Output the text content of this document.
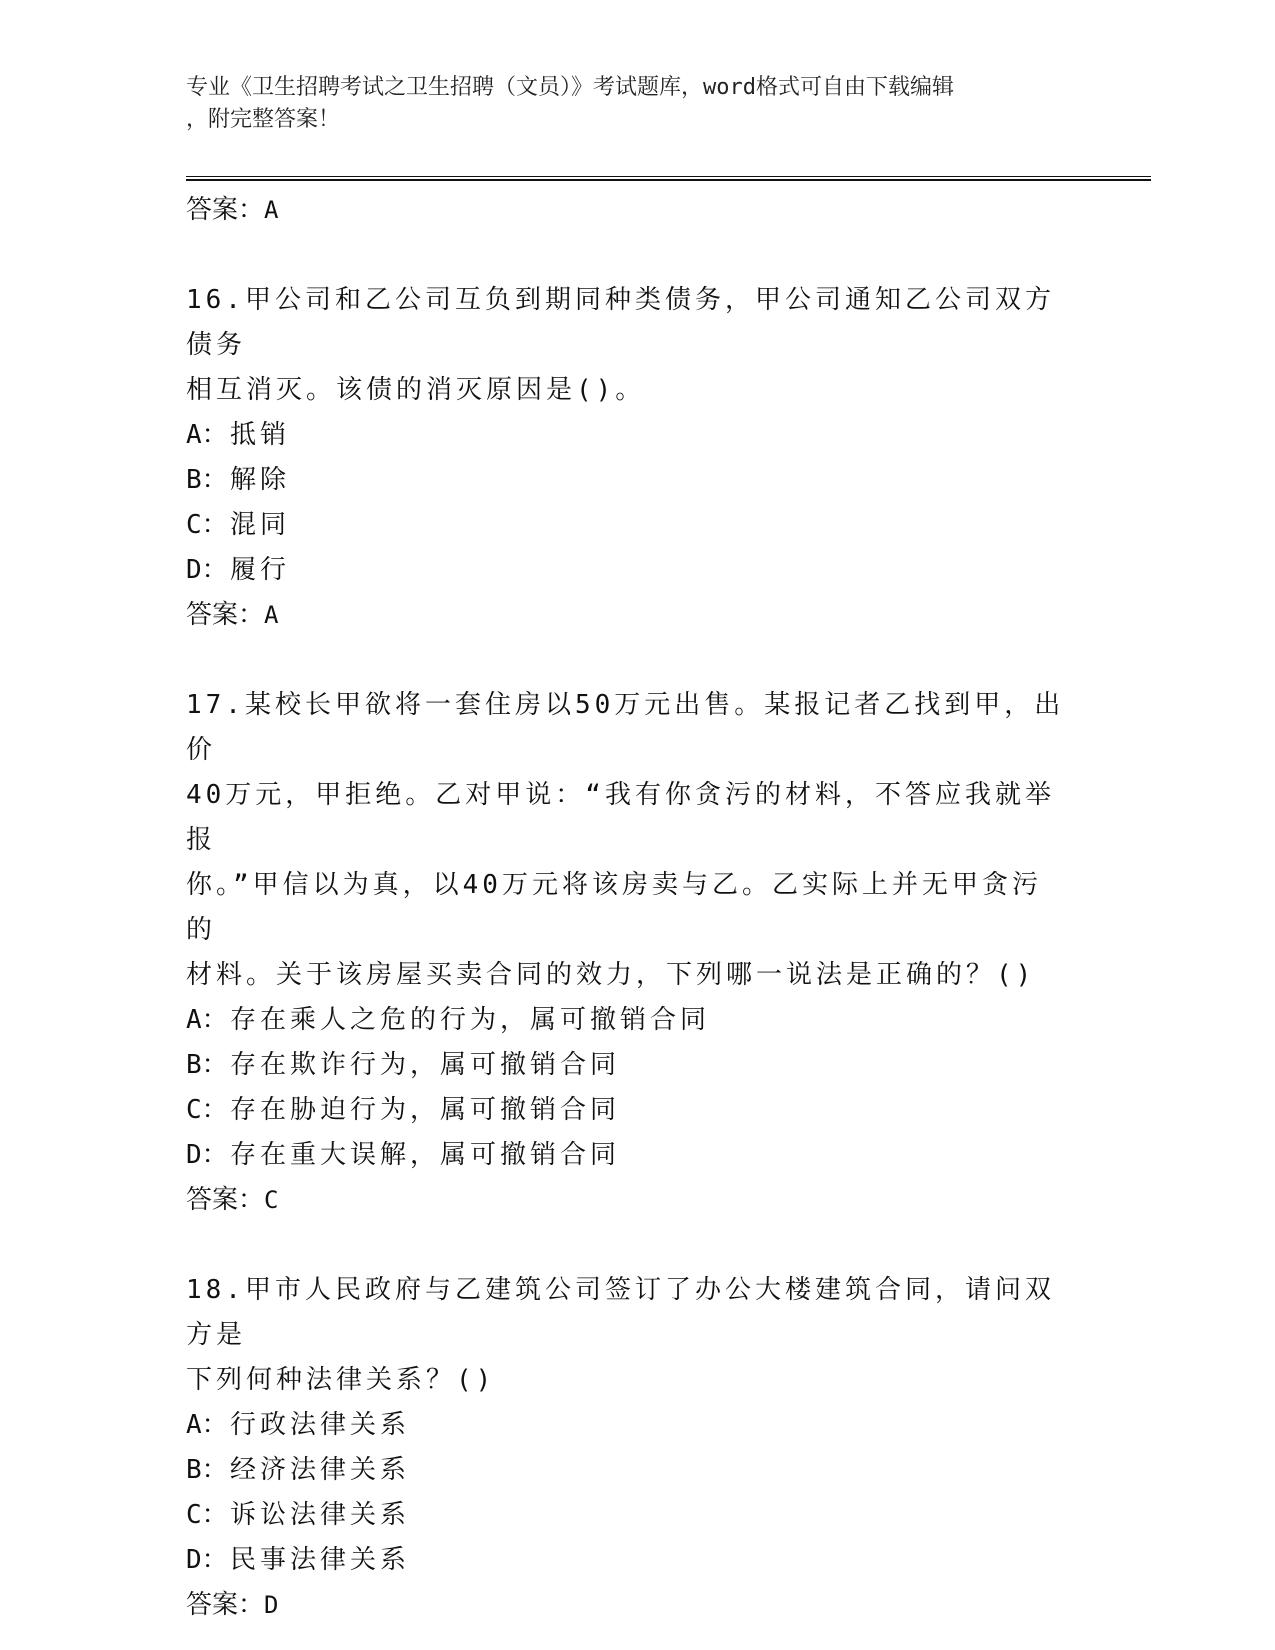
专业《卫生招聘考试之卫生招聘（文员）》考试题库，word格式可自由下载编辑
，附完整答案！
答案：A
16.甲公司和乙公司互负到期同种类债务，甲公司通知乙公司双方债务
相互消灭。该债的消灭原因是()。
A：抵销
B：解除
C：混同
D：履行
答案：A
17.某校长甲欲将一套住房以50万元出售。某报记者乙找到甲，出价
40万元，甲拒绝。乙对甲说：“我有你贪污的材料，不答应我就举报
你。”甲信以为真，以40万元将该房卖与乙。乙实际上并无甲贪污的
材料。关于该房屋买卖合同的效力，下列哪一说法是正确的？()
A：存在乘人之危的行为，属可撤销合同
B：存在欺诈行为，属可撤销合同
C：存在胁迫行为，属可撤销合同
D：存在重大误解，属可撤销合同
答案：C
18.甲市人民政府与乙建筑公司签订了办公大楼建筑合同，请问双方是
下列何种法律关系？()
A：行政法律关系
B：经济法律关系
C：诉讼法律关系
D：民事法律关系
答案：D
